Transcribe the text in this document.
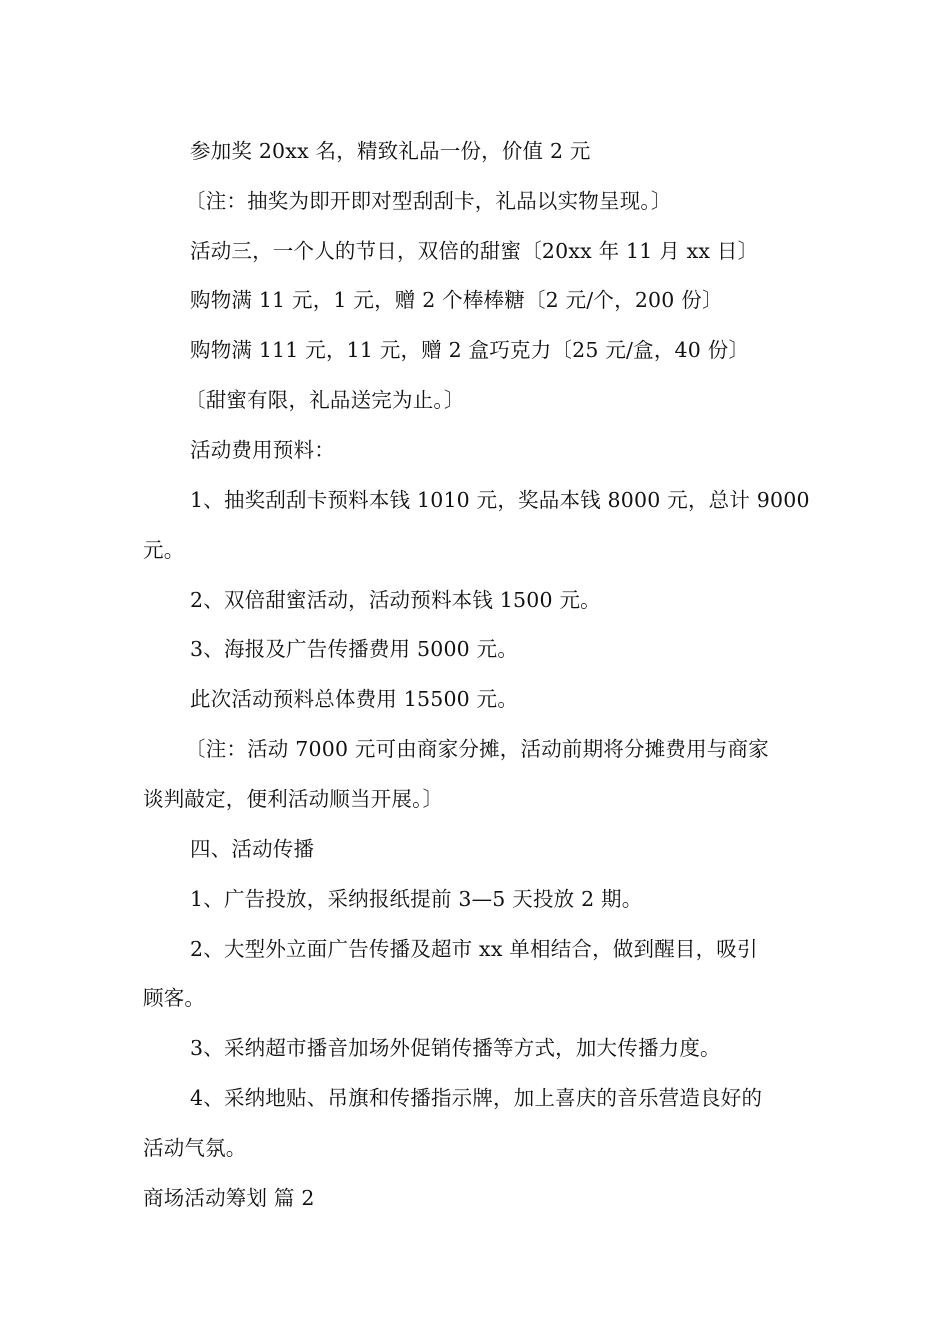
参加奖 20xx 名，精致礼品一份，价值 2 元
〔注：抽奖为即开即对型刮刮卡，礼品以实物呈现。〕
活动三，一个人的节日，双倍的甜蜜〔20xx 年 11 月 xx 日〕
购物满 11 元，1 元，赠 2 个棒棒糖〔2 元/个，200 份〕
购物满 111 元，11 元，赠 2 盒巧克力〔25 元/盒，40 份〕
〔甜蜜有限，礼品送完为止。〕
活动费用预料：
1、抽奖刮刮卡预料本钱 1010 元，奖品本钱 8000 元，总计 9000
元。
2、双倍甜蜜活动，活动预料本钱 1500 元。
3、海报及广告传播费用 5000 元。
此次活动预料总体费用 15500 元。
〔注：活动 7000 元可由商家分摊，活动前期将分摊费用与商家
谈判敲定，便利活动顺当开展。〕
四、活动传播
1、广告投放，采纳报纸提前 3—5 天投放 2 期。
2、大型外立面广告传播及超市 xx 单相结合，做到醒目，吸引
顾客。
3、采纳超市播音加场外促销传播等方式，加大传播力度。
4、采纳地贴、吊旗和传播指示牌，加上喜庆的音乐营造良好的
活动气氛。
商场活动筹划 篇 2
